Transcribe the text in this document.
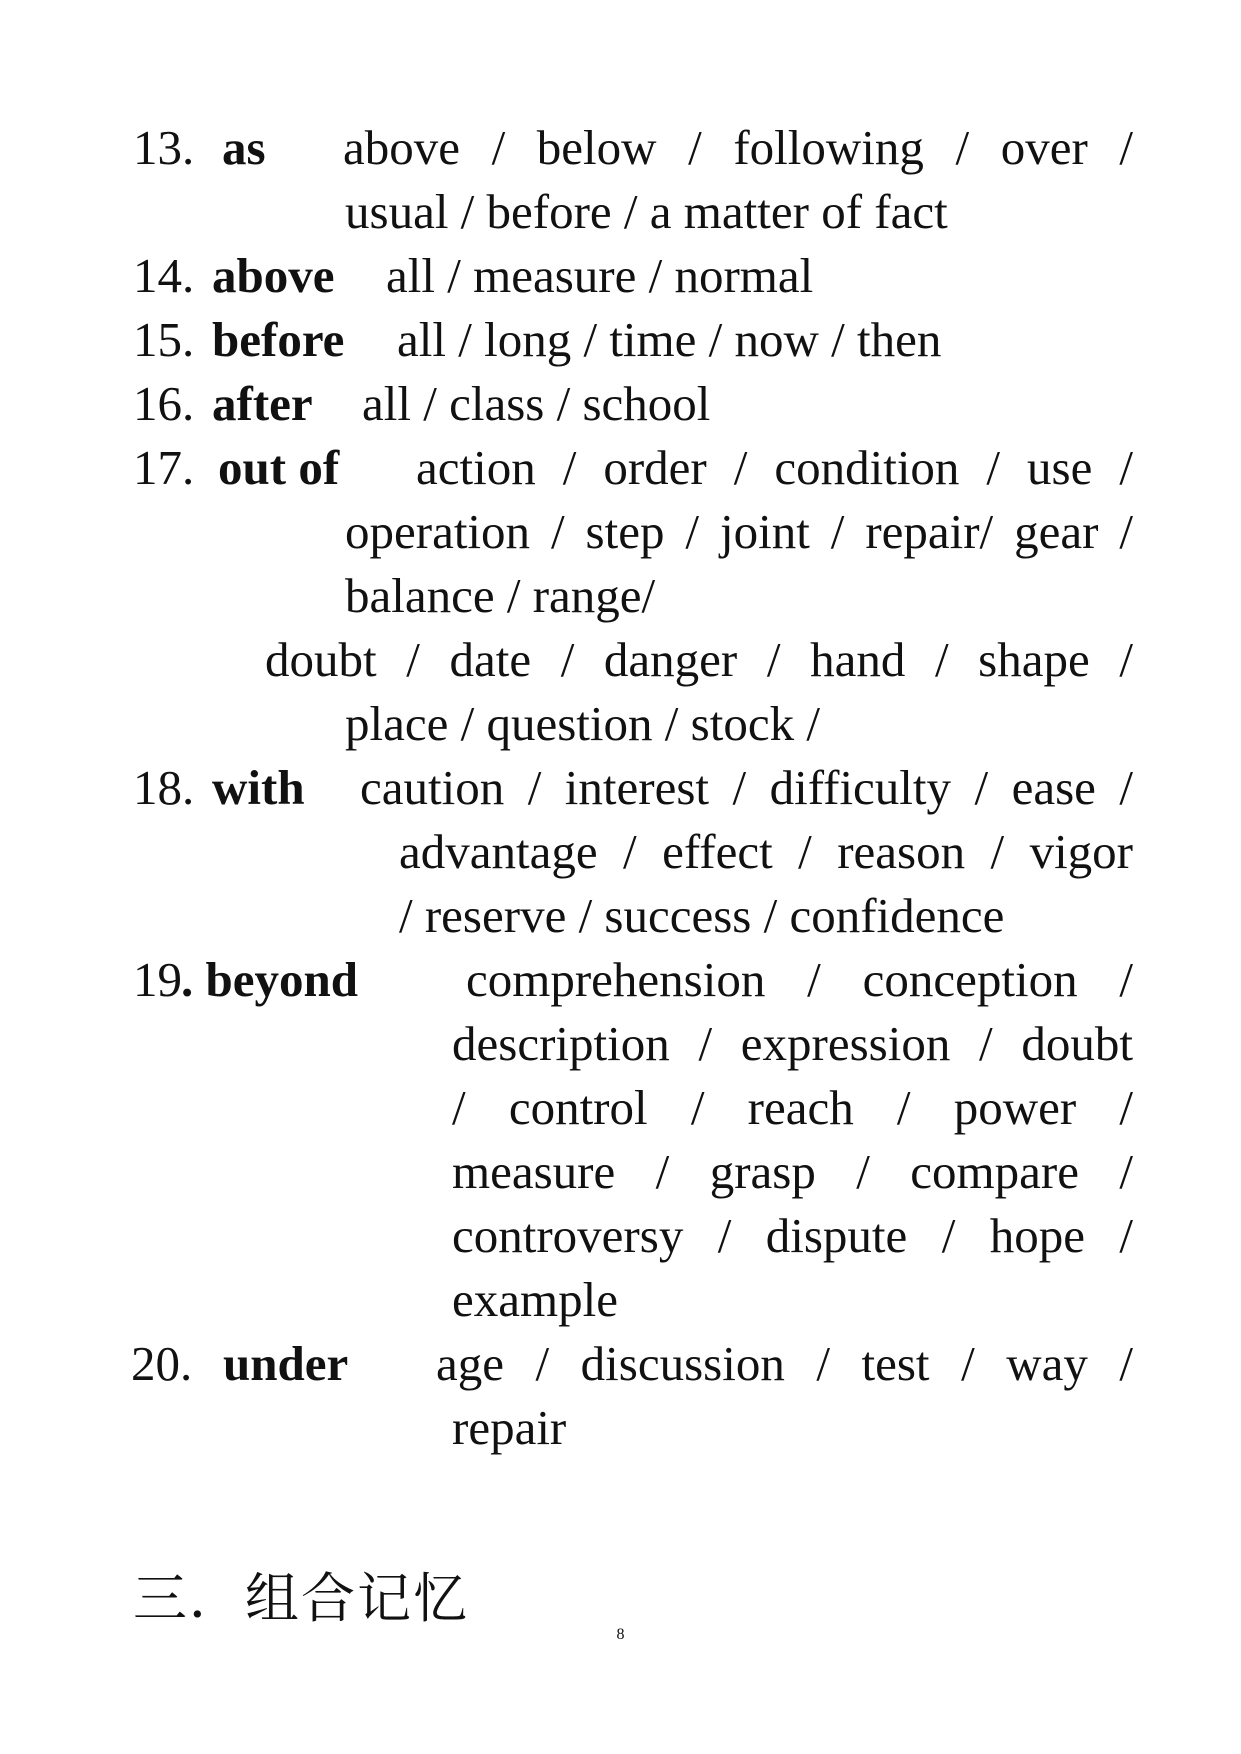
13. as above / below / following / over /
usual / before / a matter of fact
14. above all / measure / normal
15. before all / long / time / now / then
16. after all / class / school
17. out of action / order / condition / use /
operation / step / joint / repair/ gear /
balance / range/
doubt / date / danger / hand / shape /
place / question / stock /
18. with caution / interest / difficulty / ease /
advantage / effect / reason / vigor
/ reserve / success / confidence
19 . beyond comprehension / conception /
description / expression / doubt
/ control / reach / power /
measure / grasp / compare /
controversy / dispute / hope /
example
20. under age / discussion / test / way /
repair
三．组合记忆
8
